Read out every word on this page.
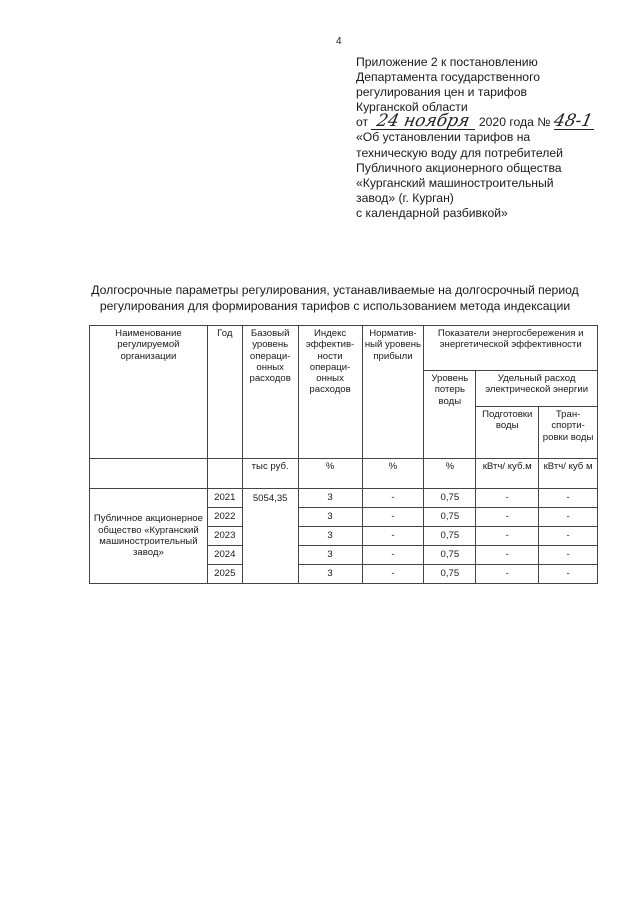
4
Приложение 2 к постановлению
Департамента государственного
регулирования цен и тарифов
Курганской области
от 24 ноября 2020 года № 48-1
«Об установлении тарифов на
техническую воду для потребителей
Публичного акционерного общества
«Курганский машиностроительный
завод» (г. Курган)
с календарной разбивкой»
Долгосрочные параметры регулирования, устанавливаемые на долгосрочный период
регулирования для формирования тарифов с использованием метода индексации
Наименование регулируемой организации	Год	Базовый уровень операци-онных расходов	Индекс эффектив-ности операци-онных расходов	Норматив-ный уровень прибыли	Показатели энергосбережения и энергетической эффективности		
					Уровень потерь воды	Удельный расход электрической энергии	
						Подготовки воды	Тран-спорти-ровки воды
		тыс руб.	%	%	%	кВтч/ куб.м	кВтч/ куб м
Публичное акционерное общество «Курганский машиностроительный завод»	2021	5054,35	3	-	0,75	-	-
	2022		3	-	0,75	-	-
	2023		3	-	0,75	-	-
	2024		3	-	0,75	-	-
	2025		3	-	0,75	-	-
